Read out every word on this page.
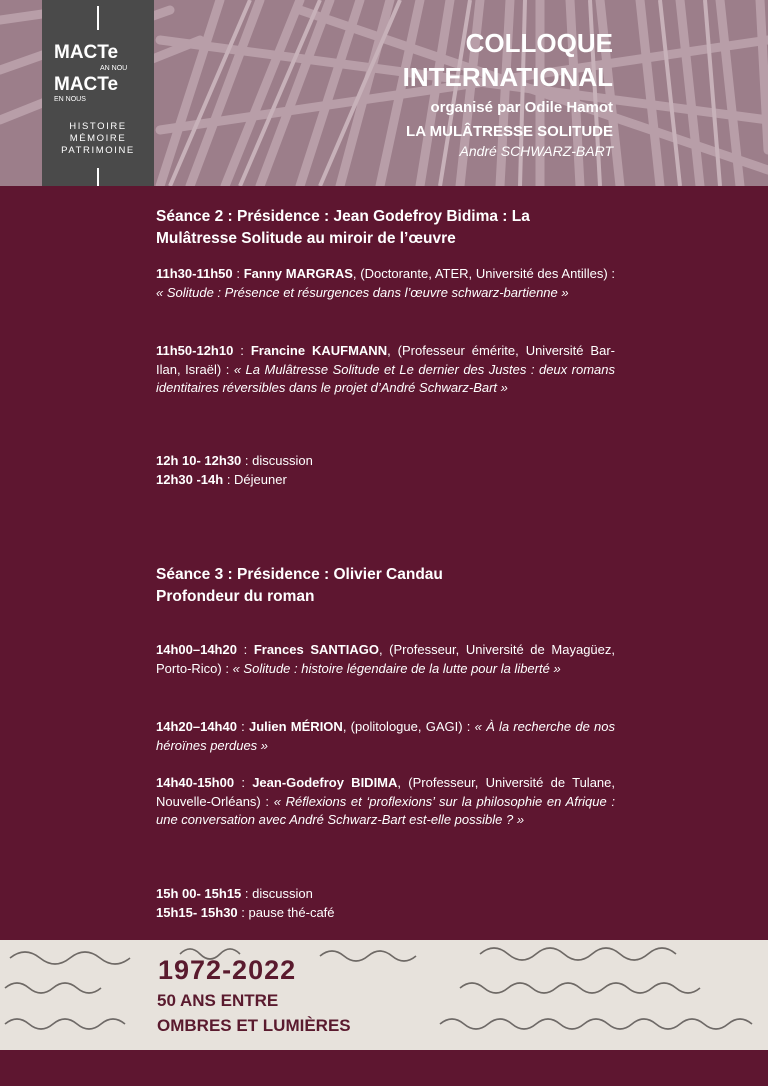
MACTe
AN NOU
MACTe
EN NOUS
HISTOIRE
MÉMOIRE
PATRIMOINE
COLLOQUE
INTERNATIONAL
organisé par Odile Hamot
LA MULÂTRESSE SOLITUDE
André SCHWARZ-BART
Séance 2 : Présidence : Jean Godefroy Bidima : La Mulâtresse Solitude au miroir de l’œuvre
11h30-11h50 : Fanny MARGRAS, (Doctorante, ATER, Université des Antilles) : « Solitude : Présence et résurgences dans l’œuvre schwarz-bartienne »
11h50-12h10 : Francine KAUFMANN, (Professeur émérite, Université Bar-Ilan, Israël) : « La Mulâtresse Solitude et Le dernier des Justes : deux romans identitaires réversibles dans le projet d’André Schwarz-Bart »
12h 10- 12h30 : discussion
12h30 -14h : Déjeuner
Séance 3 : Présidence : Olivier Candau
Profondeur du roman
14h00–14h20 : Frances SANTIAGO, (Professeur, Université de Mayagüez, Porto-Rico) : « Solitude : histoire légendaire de la lutte pour la liberté »
14h20–14h40 : Julien MÉRION, (politologue, GAGI) : « À la recherche de nos héroïnes perdues »
14h40-15h00 : Jean-Godefroy BIDIMA, (Professeur, Université de Tulane, Nouvelle-Orléans) : « Réflexions et ‘proflexions’ sur la philosophie en Afrique : une conversation avec André Schwarz-Bart est-elle possible ? »
15h 00- 15h15 : discussion
15h15- 15h30 : pause thé-café
1972-2022
50 ANS ENTRE
OMBRES ET LUMIÈRES
